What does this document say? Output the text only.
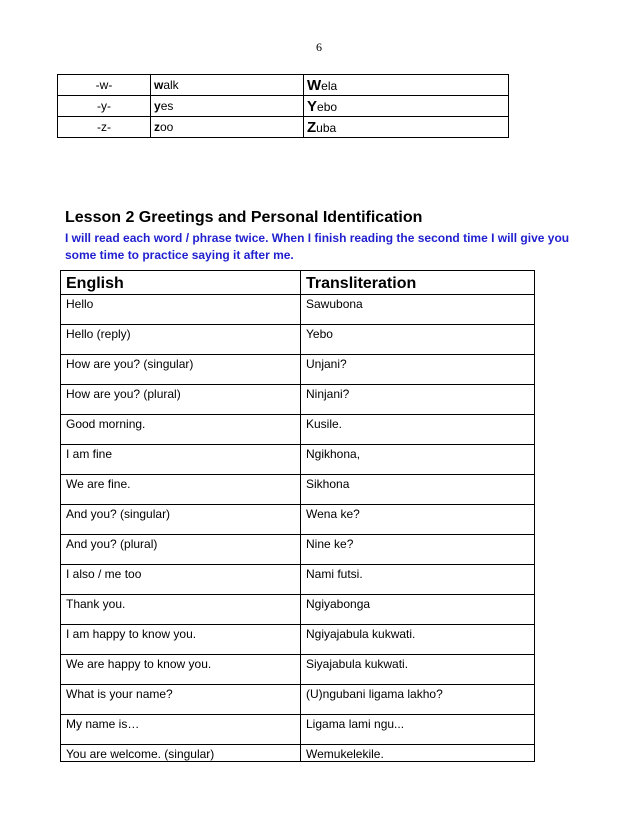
6
-w-	walk	Wela
-y-	yes	Yebo
-z-	zoo	Zuba
Lesson 2 Greetings and Personal Identification
I will read each word / phrase twice. When I finish reading the second time I will give you some time to practice saying it after me.
English	Transliteration
Hello	Sawubona
Hello (reply)	Yebo
How are you? (singular)	Unjani?
How are you? (plural)	Ninjani?
Good morning.	Kusile.
I am fine	Ngikhona,
We are fine.	Sikhona
And you? (singular)	Wena ke?
And you? (plural)	Nine ke?
I also / me too	Nami futsi.
Thank you.	Ngiyabonga
I am happy to know you.	Ngiyajabula kukwati.
We are happy to know you.	Siyajabula kukwati.
What is your name?	(U)ngubani ligama lakho?
My name is…	Ligama lami ngu...
You are welcome. (singular)	Wemukelekile.
